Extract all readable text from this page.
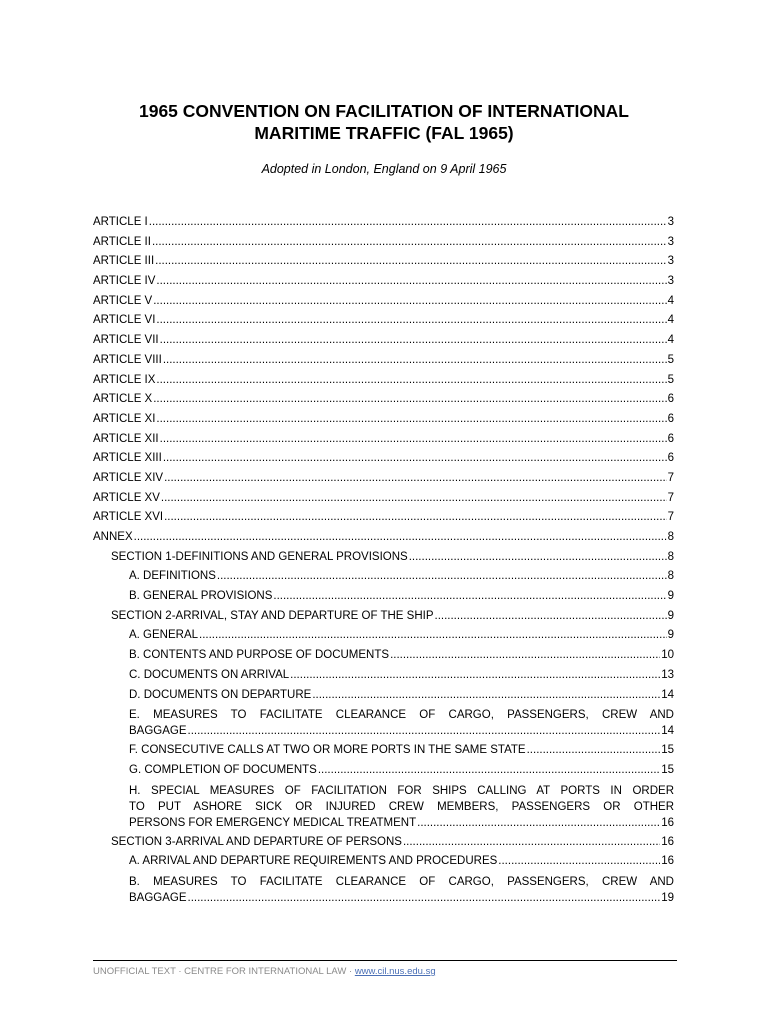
1965 CONVENTION ON FACILITATION OF INTERNATIONAL
MARITIME TRAFFIC (FAL 1965)
Adopted in London, England on 9 April 1965
ARTICLE I .....	3
ARTICLE II .....	3
ARTICLE III .....	3
ARTICLE IV .....	3
ARTICLE V .....	4
ARTICLE VI .....	4
ARTICLE VII .....	4
ARTICLE VIII .....	5
ARTICLE IX .....	5
ARTICLE X .....	6
ARTICLE XI .....	6
ARTICLE XII .....	6
ARTICLE XIII .....	6
ARTICLE XIV .....	7
ARTICLE XV .....	7
ARTICLE XVI .....	7
ANNEX .....	8
SECTION 1-DEFINITIONS AND GENERAL PROVISIONS .....	8
A. DEFINITIONS .....	8
B. GENERAL PROVISIONS .....	9
SECTION 2-ARRIVAL, STAY AND DEPARTURE OF THE SHIP .....	9
A. GENERAL .....	9
B. CONTENTS AND PURPOSE OF DOCUMENTS .....	10
C. DOCUMENTS ON ARRIVAL .....	13
D. DOCUMENTS ON DEPARTURE .....	14
E. MEASURES TO FACILITATE CLEARANCE OF CARGO, PASSENGERS, CREW AND
BAGGAGE .....	14
F. CONSECUTIVE CALLS AT TWO OR MORE PORTS IN THE SAME STATE .....	15
G. COMPLETION OF DOCUMENTS .....	15
H. SPECIAL MEASURES OF FACILITATION FOR SHIPS CALLING AT PORTS IN ORDER
TO PUT ASHORE SICK OR INJURED CREW MEMBERS, PASSENGERS OR OTHER
PERSONS FOR EMERGENCY MEDICAL TREATMENT .....	16
SECTION 3-ARRIVAL AND DEPARTURE OF PERSONS .....	16
A. ARRIVAL AND DEPARTURE REQUIREMENTS AND PROCEDURES .....	16
B. MEASURES TO FACILITATE CLEARANCE OF CARGO, PASSENGERS, CREW AND
BAGGAGE .....	19
UNOFFICIAL TEXT · CENTRE FOR INTERNATIONAL LAW · www.cil.nus.edu.sg
